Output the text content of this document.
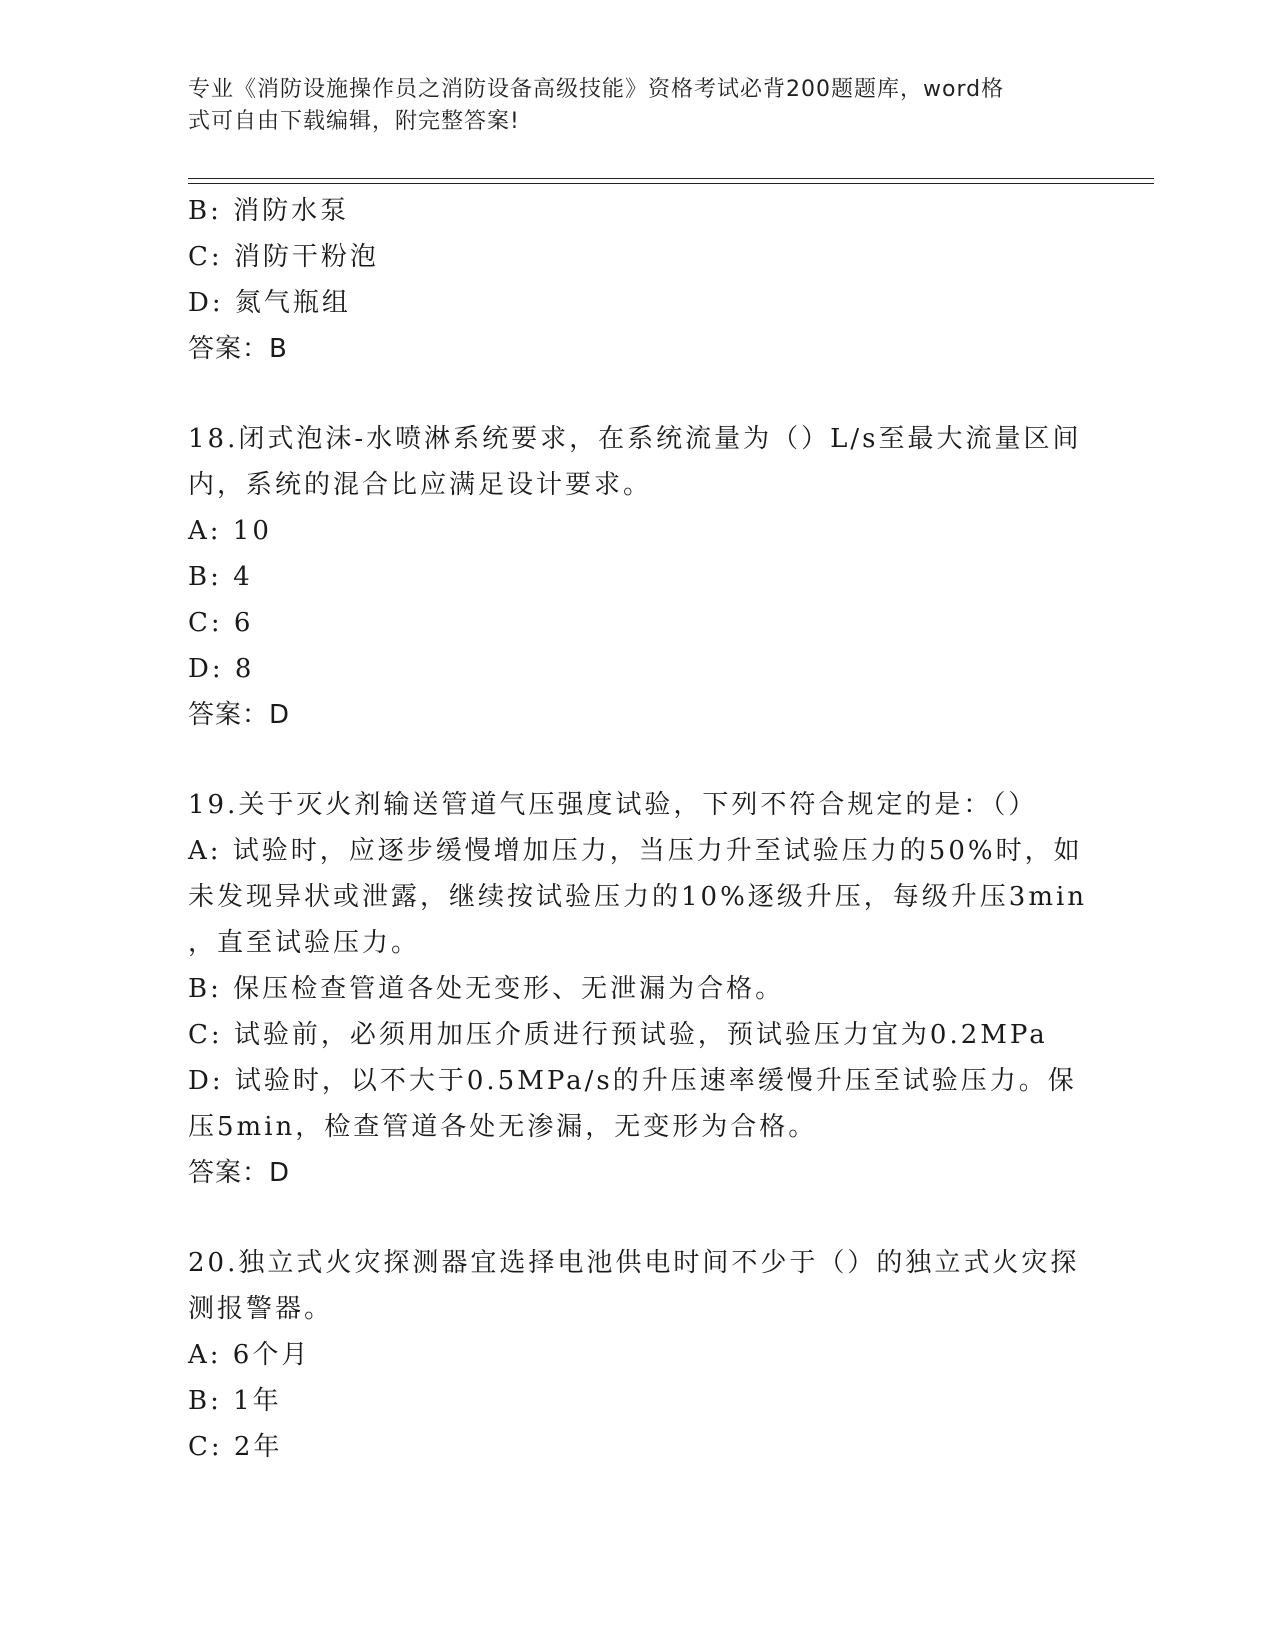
专业《消防设施操作员之消防设备高级技能》资格考试必背200题题库，word格
式可自由下载编辑，附完整答案!
B: 消防水泵
C: 消防干粉泡
D: 氮气瓶组
答案：B
18.闭式泡沫-水喷淋系统要求，在系统流量为（）L/s至最大流量区间
内，系统的混合比应满足设计要求。
A: 10
B: 4
C: 6
D: 8
答案：D
19.关于灭火剂输送管道气压强度试验，下列不符合规定的是：（）
A: 试验时，应逐步缓慢增加压力，当压力升至试验压力的50%时，如
未发现异状或泄露，继续按试验压力的10%逐级升压，每级升压3min
，直至试验压力。
B: 保压检查管道各处无变形、无泄漏为合格。
C: 试验前，必须用加压介质进行预试验，预试验压力宜为0.2MPa
D: 试验时，以不大于0.5MPa/s的升压速率缓慢升压至试验压力。保
压5min，检查管道各处无渗漏，无变形为合格。
答案：D
20.独立式火灾探测器宜选择电池供电时间不少于（）的独立式火灾探
测报警器。
A: 6个月
B: 1年
C: 2年
